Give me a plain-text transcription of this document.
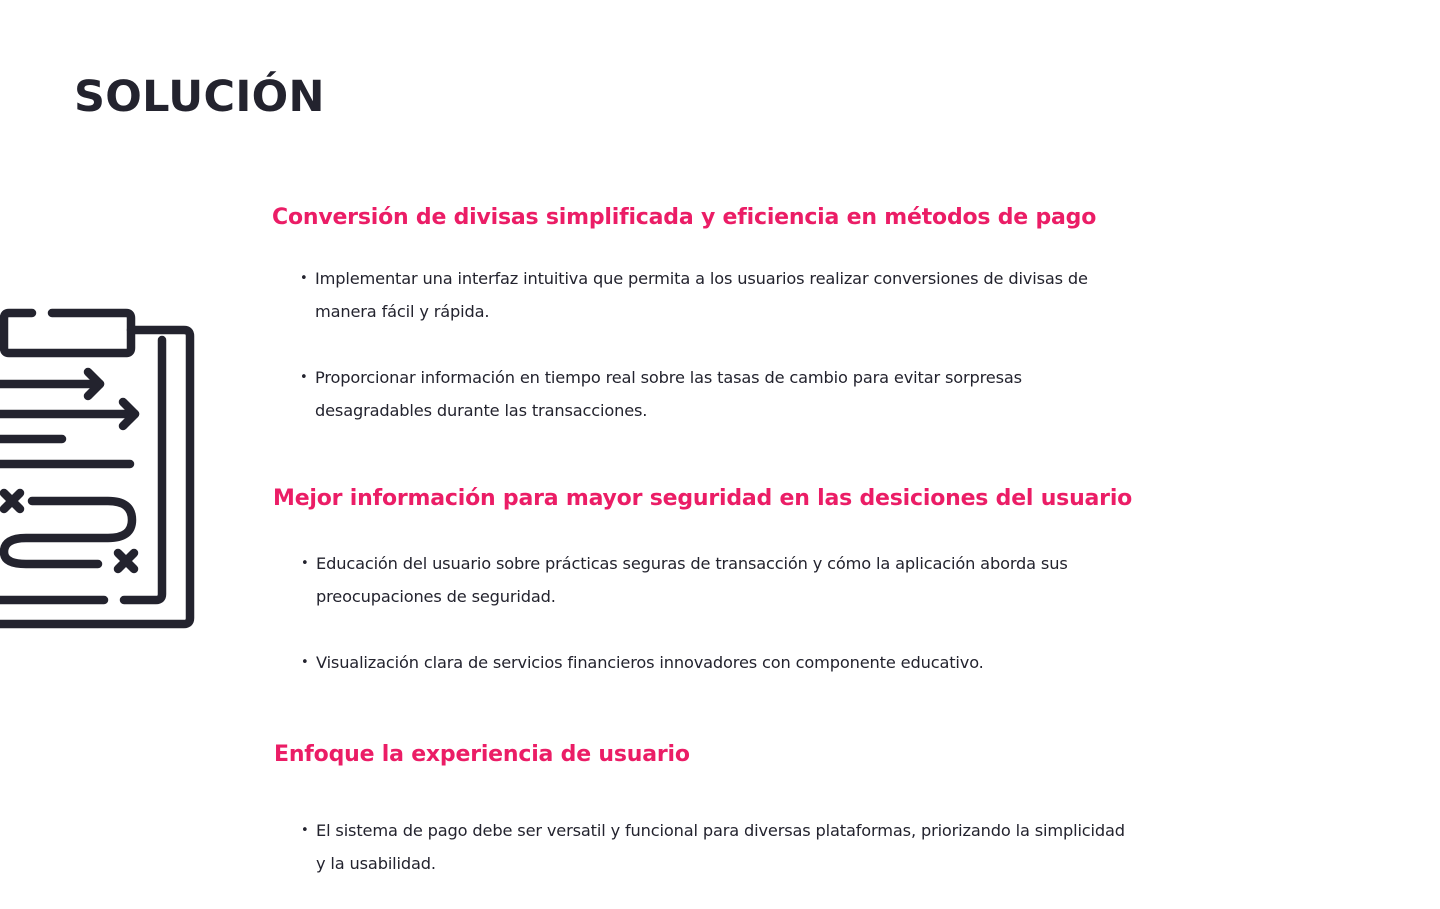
SOLUCIÓN
Conversión de divisas simplificada y eficiencia en métodos de pago
• Implementar una interfaz intuitiva que permita a los usuarios realizar conversiones de divisas de manera fácil y rápida.
• Proporcionar información en tiempo real sobre las tasas de cambio para evitar sorpresas desagradables durante las transacciones.
Mejor información para mayor seguridad en las desiciones del usuario
• Educación del usuario sobre prácticas seguras de transacción y cómo la aplicación aborda sus preocupaciones de seguridad.
• Visualización clara de servicios financieros innovadores con componente educativo.
Enfoque la experiencia de usuario
• El sistema de pago debe ser versatil y funcional para diversas plataformas, priorizando la simplicidad y la usabilidad.
